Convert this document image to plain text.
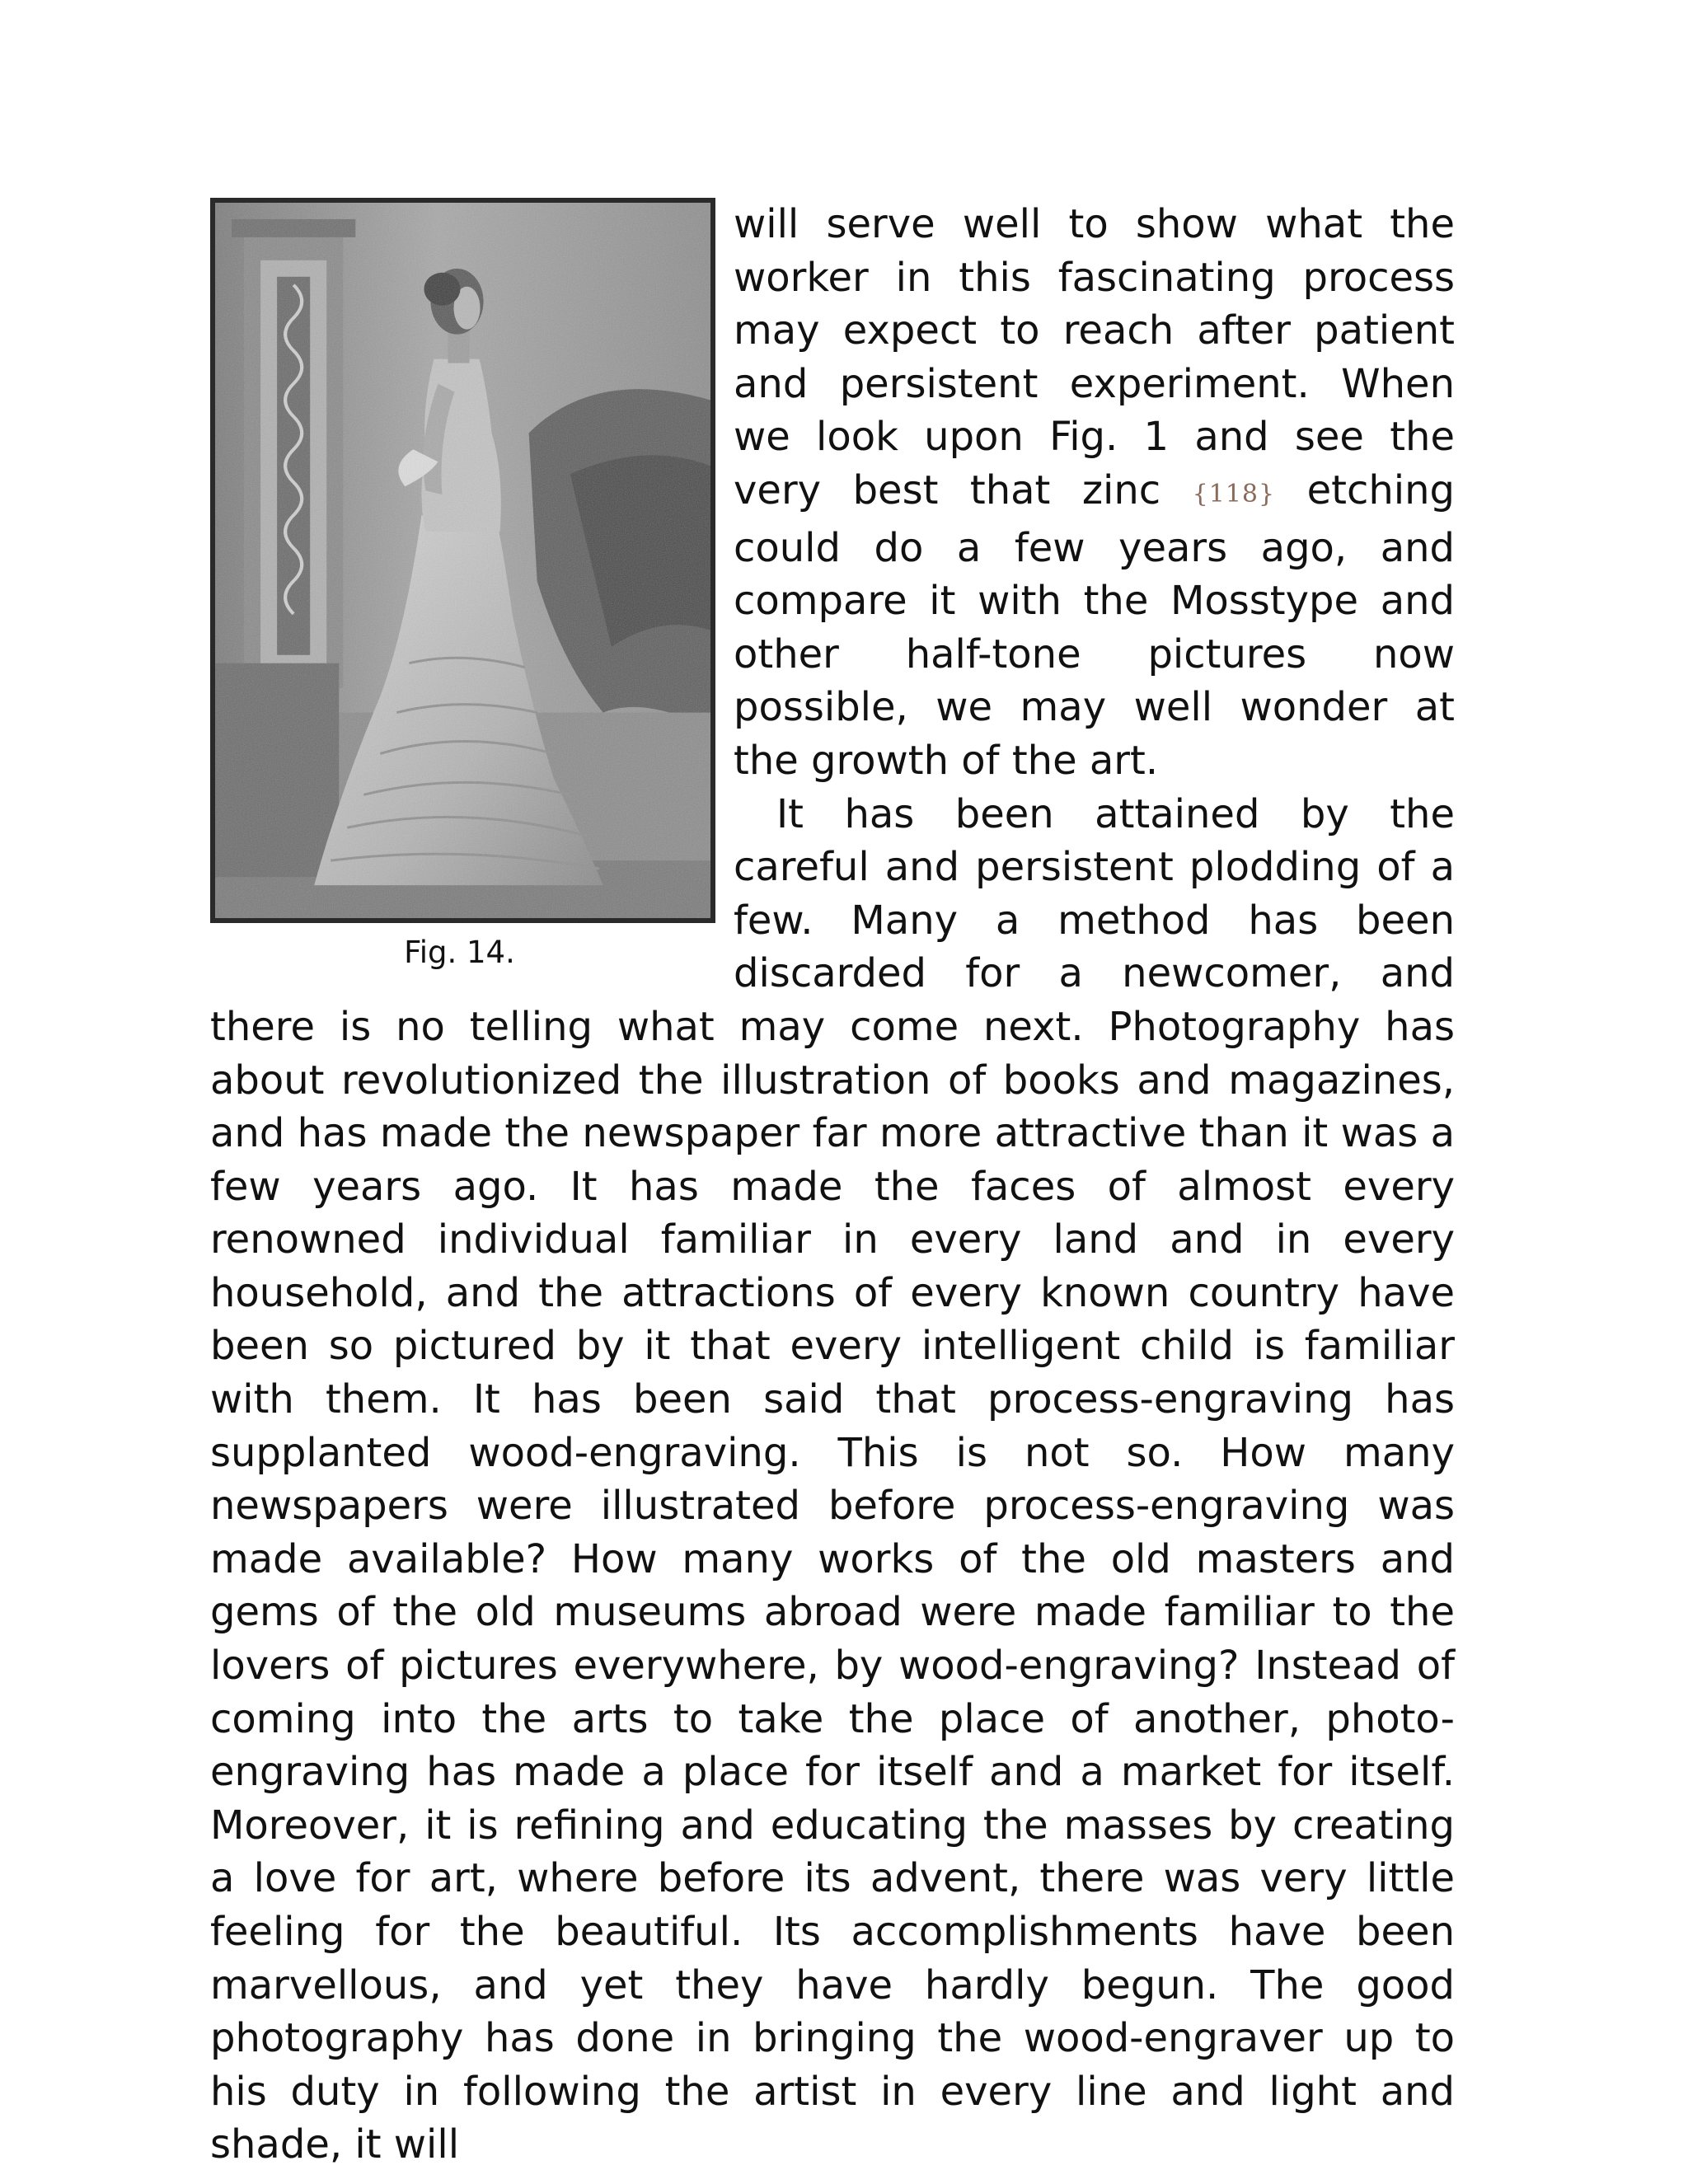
Fig. 14.

will serve well to show what the worker in this fascinating process may expect to reach after patient and persistent experiment. When we look upon Fig. 1 and see the very best that zinc {118} etching could do a few years ago, and compare it with the Mosstype and other half-tone pictures now possible, we may well wonder at the growth of the art.

It has been attained by the careful and persistent plodding of a few. Many a method has been discarded for a newcomer, and there is no telling what may come next. Photography has about revolutionized the illustration of books and magazines, and has made the newspaper far more attractive than it was a few years ago. It has made the faces of almost every renowned individual familiar in every land and in every household, and the attractions of every known country have been so pictured by it that every intelligent child is familiar with them. It has been said that process-engraving has supplanted wood-engraving. This is not so. How many newspapers were illustrated before process-engraving was made available? How many works of the old masters and gems of the old museums abroad were made familiar to the lovers of pictures everywhere, by wood-engraving? Instead of coming into the arts to take the place of another, photo-engraving has made a place for itself and a market for itself. Moreover, it is refining and educating the masses by creating a love for art, where before its advent, there was very little feeling for the beautiful. Its accomplishments have been marvellous, and yet they have hardly begun. The good photography has done in bringing the wood-engraver up to his duty in following the artist in every line and light and shade, it will
